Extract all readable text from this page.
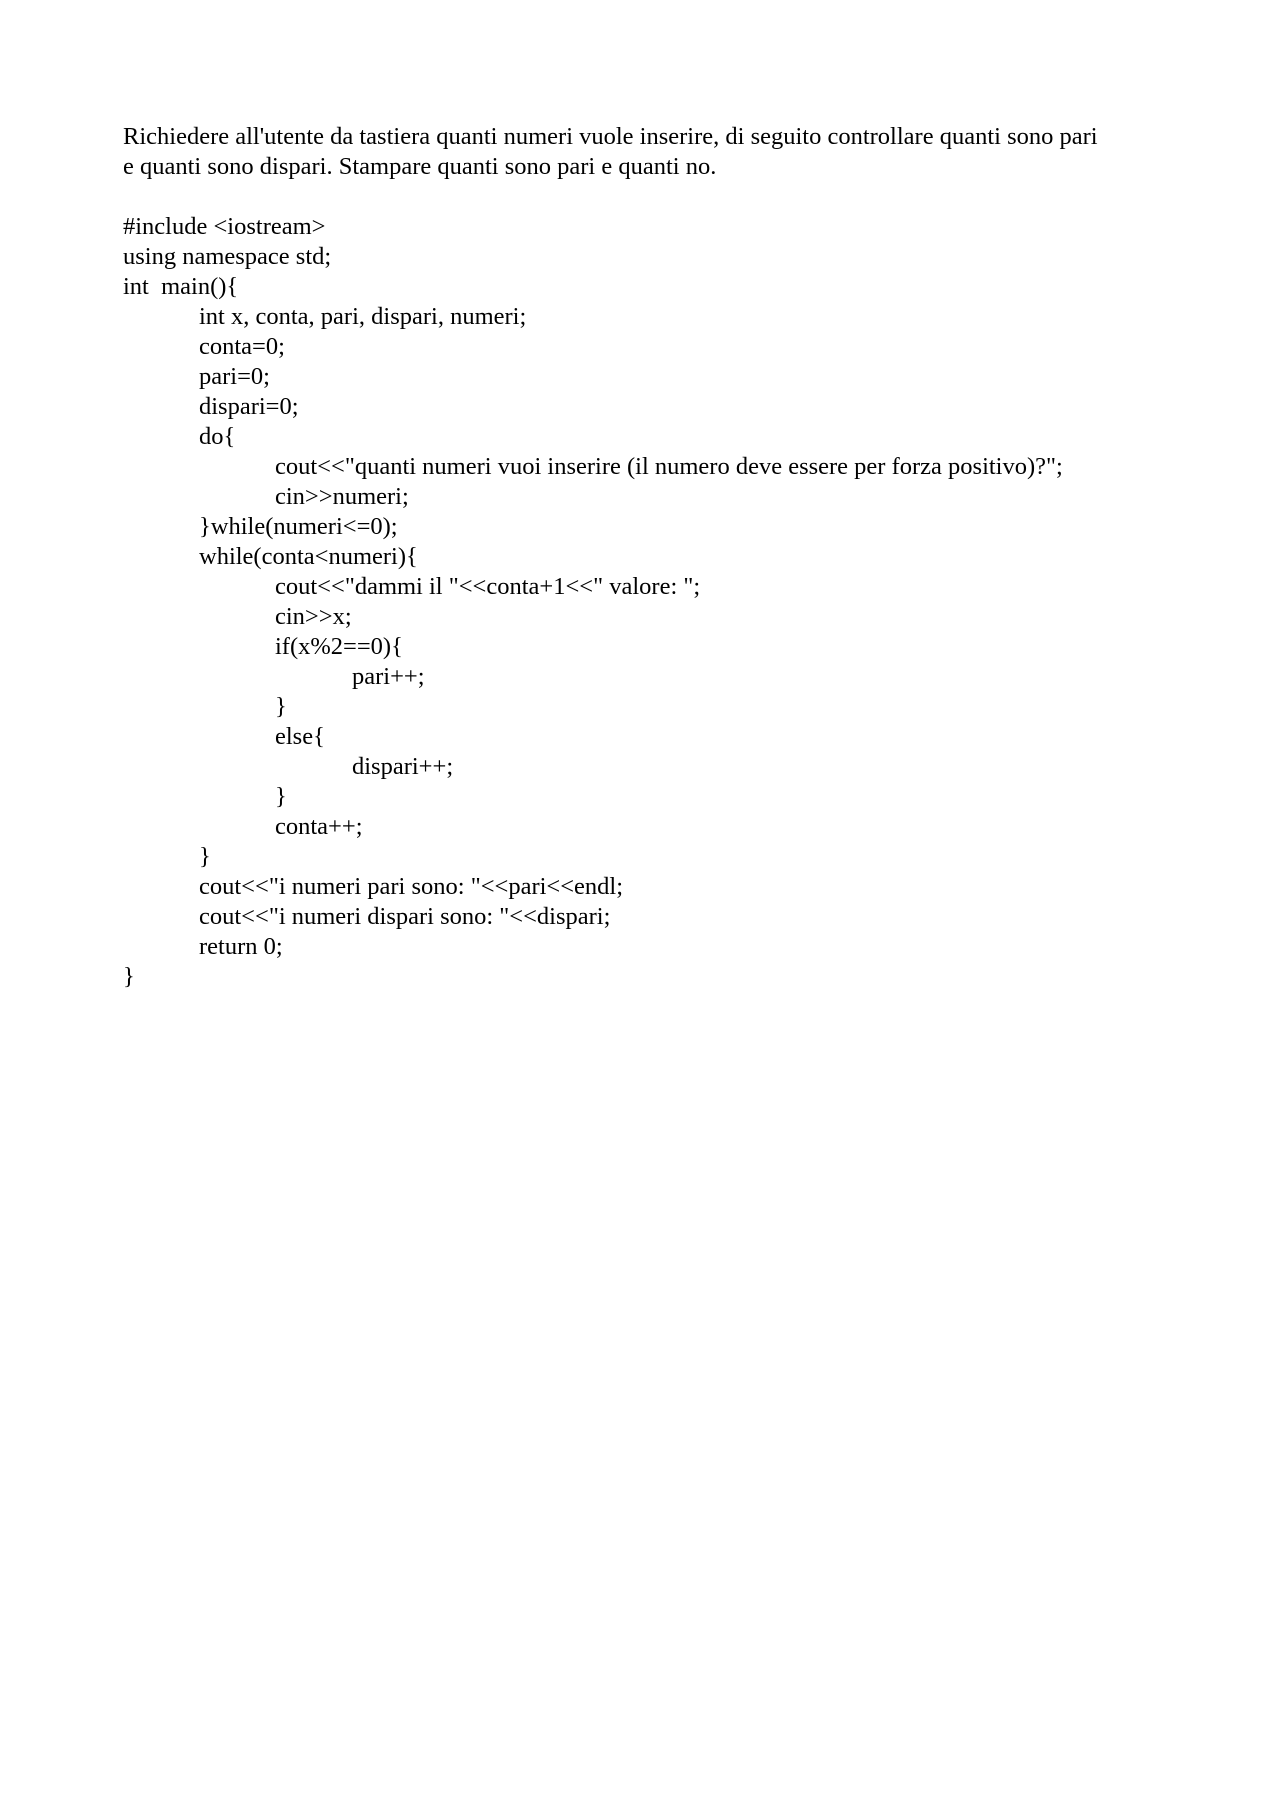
Richiedere all'utente da tastiera quanti numeri vuole inserire, di seguito controllare quanti sono pari
e quanti sono dispari. Stampare quanti sono pari e quanti no.

#include <iostream>
using namespace std;
int  main(){
int x, conta, pari, dispari, numeri;
conta=0;
pari=0;
dispari=0;
do{
cout<<"quanti numeri vuoi inserire (il numero deve essere per forza positivo)?";
cin>>numeri;
}while(numeri<=0);
while(conta<numeri){
cout<<"dammi il "<<conta+1<<" valore: ";
cin>>x;
if(x%2==0){
pari++;
}
else{
dispari++;
}
conta++;
}
cout<<"i numeri pari sono: "<<pari<<endl;
cout<<"i numeri dispari sono: "<<dispari;
return 0;
}
